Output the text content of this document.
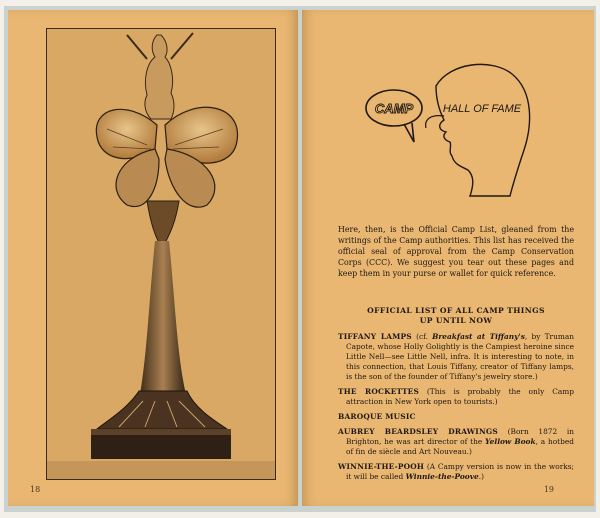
18
CAMP	HALL OF FAME
Here, then, is the Official Camp List, gleaned from the writings of the Camp authorities. This list has received the official seal of approval from the Camp Conservation Corps (CCC). We suggest you tear out these pages and keep them in your purse or wallet for quick reference.
OFFICIAL LIST OF ALL CAMP THINGS
UP UNTIL NOW
TIFFANY LAMPS (cf. Breakfast at Tiffany's, by Truman Capote, whose Holly Golightly is the Campiest heroine since Little Nell—see Little Nell, infra. It is interesting to note, in this connection, that Louis Tiffany, creator of Tiffany lamps, is the son of the founder of Tiffany's jewelry store.)
THE ROCKETTES (This is probably the only Camp attraction in New York open to tourists.)
BAROQUE MUSIC
AUBREY BEARDSLEY DRAWINGS (Born 1872 in Brighton, he was art director of the Yellow Book, a hotbed of fin de siècle and Art Nouveau.)
WINNIE-THE-POOH (A Campy version is now in the works; it will be called Winnie-the-Poove.)
19
